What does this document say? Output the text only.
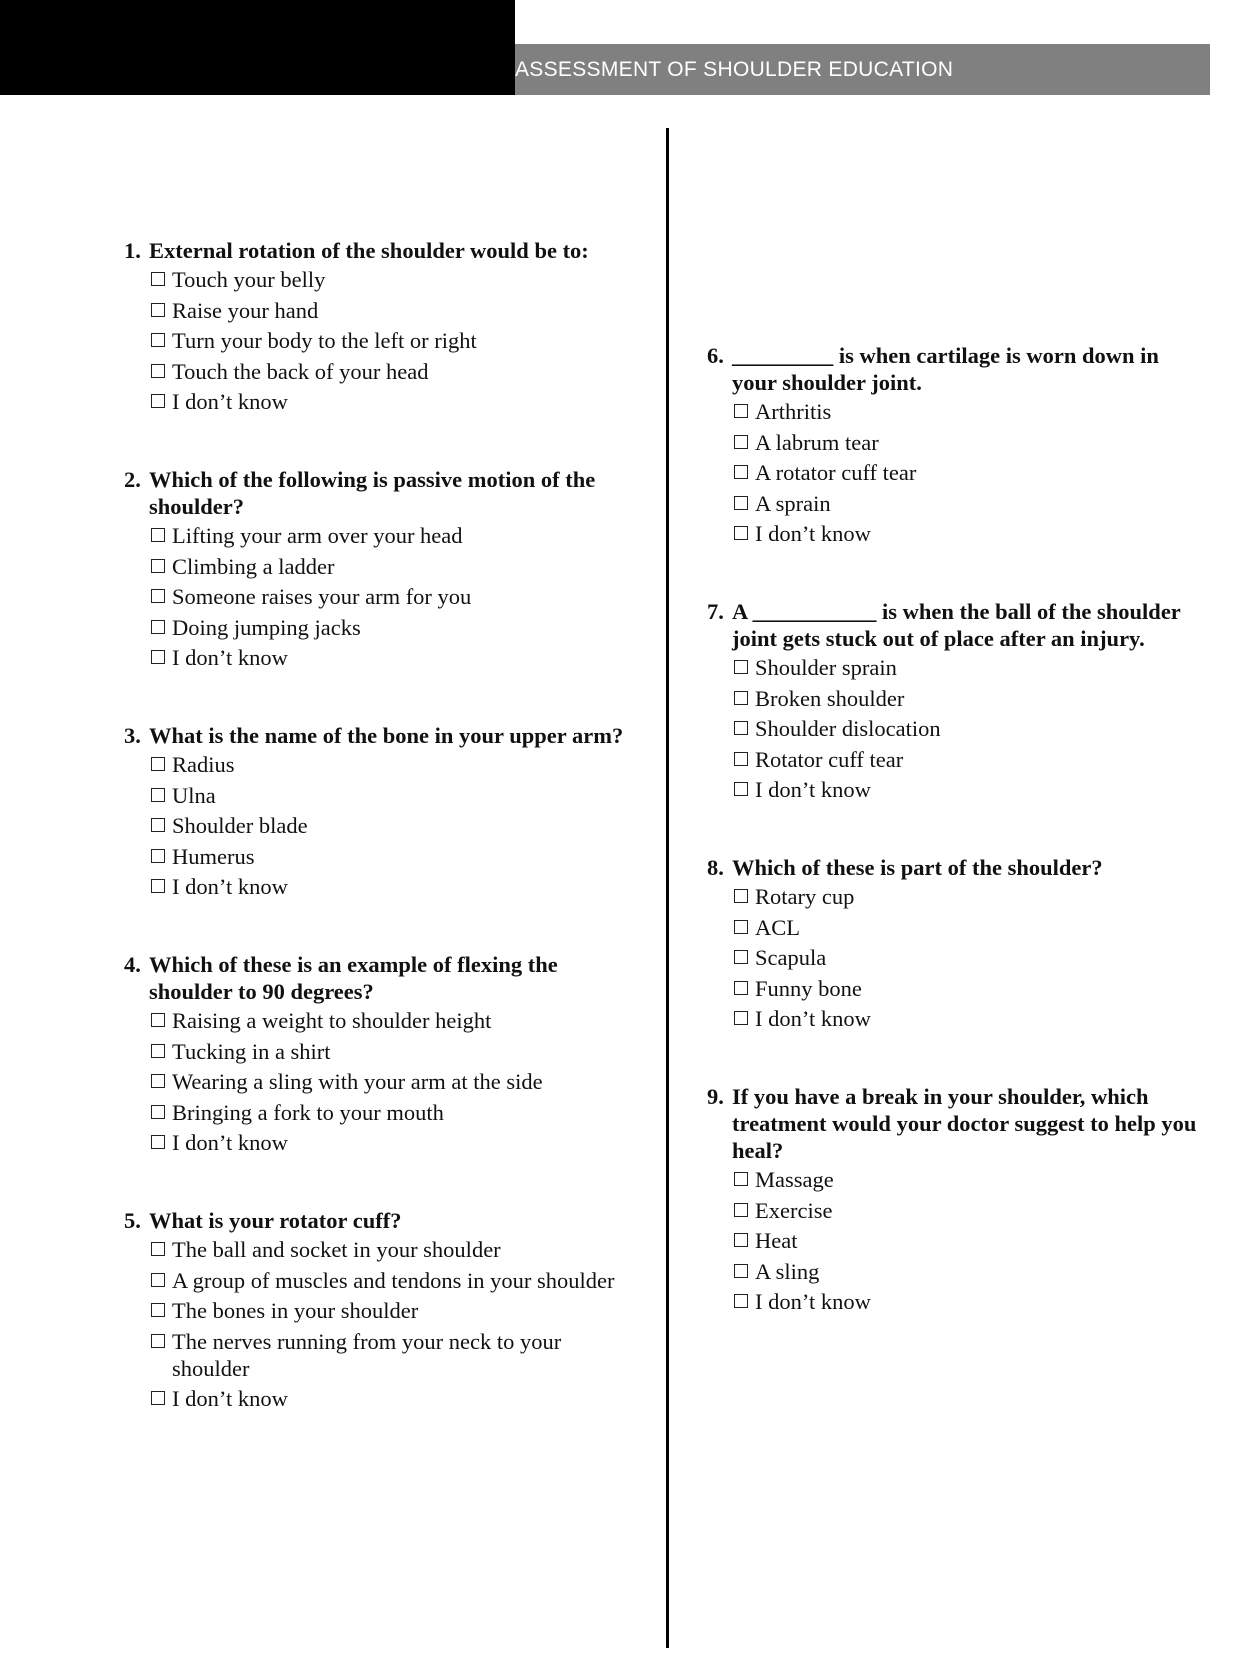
ASSESSMENT OF SHOULDER EDUCATION
1. External rotation of the shoulder would be to:
Touch your belly
Raise your hand
Turn your body to the left or right
Touch the back of your head
I don’t know
2. Which of the following is passive motion of the shoulder?
Lifting your arm over your head
Climbing a ladder
Someone raises your arm for you
Doing jumping jacks
I don’t know
3. What is the name of the bone in your upper arm?
Radius
Ulna
Shoulder blade
Humerus
I don’t know
4. Which of these is an example of flexing the shoulder to 90 degrees?
Raising a weight to shoulder height
Tucking in a shirt
Wearing a sling with your arm at the side
Bringing a fork to your mouth
I don’t know
5. What is your rotator cuff?
The ball and socket in your shoulder
A group of muscles and tendons in your shoulder
The bones in your shoulder
The nerves running from your neck to your shoulder
I don’t know
6. _________ is when cartilage is worn down in your shoulder joint.
Arthritis
A labrum tear
A rotator cuff tear
A sprain
I don’t know
7. A ___________ is when the ball of the shoulder joint gets stuck out of place after an injury.
Shoulder sprain
Broken shoulder
Shoulder dislocation
Rotator cuff tear
I don’t know
8. Which of these is part of the shoulder?
Rotary cup
ACL
Scapula
Funny bone
I don’t know
9. If you have a break in your shoulder, which treatment would your doctor suggest to help you heal?
Massage
Exercise
Heat
A sling
I don’t know
